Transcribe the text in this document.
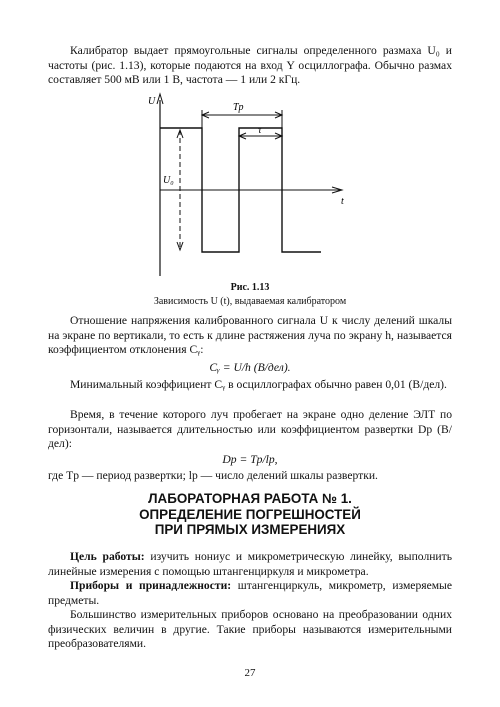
Калибратор выдает прямоугольные сигналы определенного размаха U₀ и частоты (рис. 1.13), которые подаются на вход Y осциллографа. Обычно размах составляет 500 мВ или 1 В, частота — 1 или 2 кГц.

U
t
U₀
Tр
τ
Рис. 1.13
Зависимость U (t), выдаваемая калибратором

Отношение напряжения калиброванного сигнала U к числу делений шкалы на экране по вертикали, то есть к длине растяжения луча по экрану h, называется коэффициентом отклонения Cᵧ:

Cᵧ = U/h (В/дел).

Минимальный коэффициент Cᵧ в осциллографах обычно равен 0,01 (В/дел).

Время, в течение которого луч пробегает на экране одно деление ЭЛТ по горизонтали, называется длительностью или коэффициентом развертки Dр (В/дел):

Dр = Tр/lр,

где Tр — период развертки; lр — число делений шкалы развертки.

ЛАБОРАТОРНАЯ РАБОТА № 1.
ОПРЕДЕЛЕНИЕ ПОГРЕШНОСТЕЙ
ПРИ ПРЯМЫХ ИЗМЕРЕНИЯХ

Цель работы: изучить нониус и микрометрическую линейку, выполнить линейные измерения с помощью штангенциркуля и микрометра.

Приборы и принадлежности: штангенциркуль, микрометр, измеряемые предметы.

Большинство измерительных приборов основано на преобразовании одних физических величин в другие. Такие приборы называются измерительными преобразователями.

27
